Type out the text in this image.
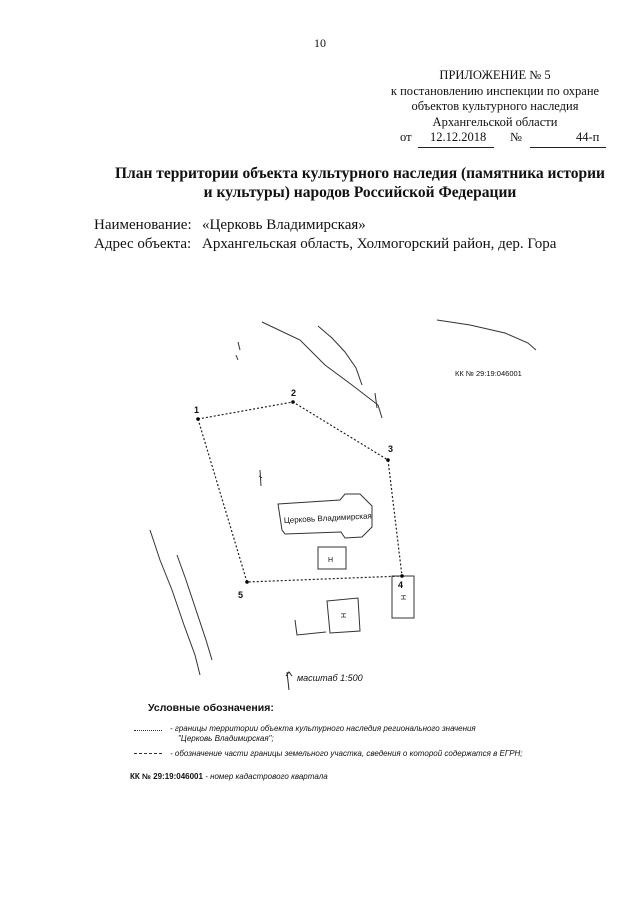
10
ПРИЛОЖЕНИЕ № 5
к постановлению инспекции по охране
объектов культурного наследия
Архангельской области
от 12.12.2018 №	44-п
План территории объекта культурного наследия (памятника истории
и культуры) народов Российской Федерации
Наименование: «Церковь Владимирская»
Адрес объекта: Архангельская область, Холмогорский район, дер. Гора
1
2
3
4
5
КК № 29:19:046001
Церковь Владимирская
Н
Н
Н
масштаб 1:500
Условные обозначения:
- границы территории объекта культурного наследия регионального значения
"Церковь Владимирская";
- обозначение части границы земельного участка, сведения о которой содержатся в ЕГРН;
КК № 29:19:046001 - номер кадастрового квартала
